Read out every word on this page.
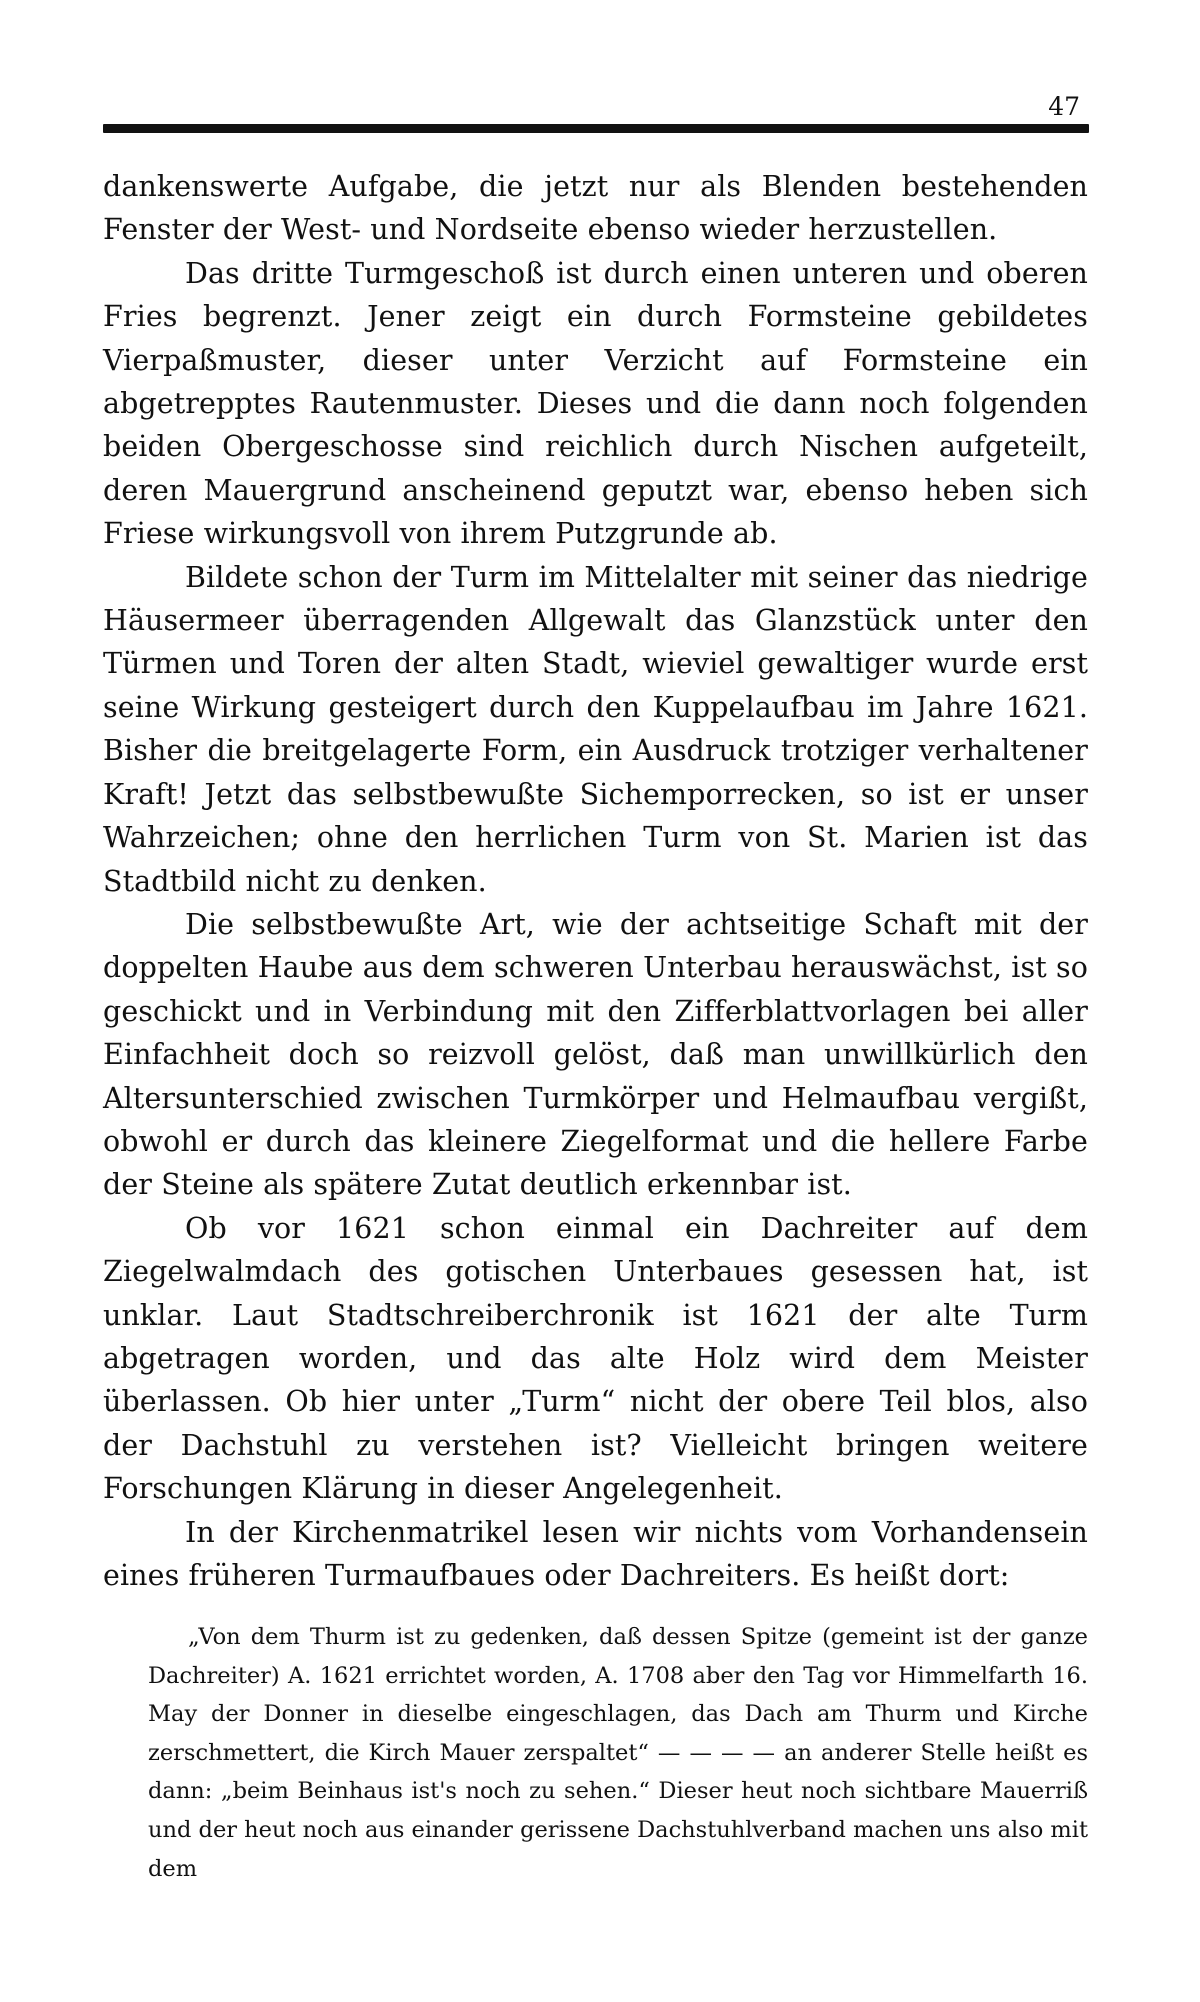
47

dankenswerte Aufgabe, die jetzt nur als Blenden bestehenden Fenster der West- und Nordseite ebenso wieder herzustellen.

Das dritte Turmgeschoß ist durch einen unteren und oberen Fries begrenzt. Jener zeigt ein durch Formsteine gebildetes Vierpaßmuster, dieser unter Verzicht auf Formsteine ein abgetrepptes Rautenmuster. Dieses und die dann noch folgenden beiden Obergeschosse sind reichlich durch Nischen aufgeteilt, deren Mauergrund anscheinend geputzt war, ebenso heben sich Friese wirkungsvoll von ihrem Putzgrunde ab.

Bildete schon der Turm im Mittelalter mit seiner das niedrige Häusermeer überragenden Allgewalt das Glanzstück unter den Türmen und Toren der alten Stadt, wieviel gewaltiger wurde erst seine Wirkung gesteigert durch den Kuppelaufbau im Jahre 1621. Bisher die breitgelagerte Form, ein Ausdruck trotziger verhaltener Kraft! Jetzt das selbstbewußte Sichemporrecken, so ist er unser Wahrzeichen; ohne den herrlichen Turm von St. Marien ist das Stadtbild nicht zu denken.

Die selbstbewußte Art, wie der achtseitige Schaft mit der doppelten Haube aus dem schweren Unterbau herauswächst, ist so geschickt und in Verbindung mit den Zifferblattvorlagen bei aller Einfachheit doch so reizvoll gelöst, daß man unwillkürlich den Altersunterschied zwischen Turmkörper und Helmaufbau vergißt, obwohl er durch das kleinere Ziegelformat und die hellere Farbe der Steine als spätere Zutat deutlich erkennbar ist.

Ob vor 1621 schon einmal ein Dachreiter auf dem Ziegelwalmdach des gotischen Unterbaues gesessen hat, ist unklar. Laut Stadtschreiberchronik ist 1621 der alte Turm abgetragen worden, und das alte Holz wird dem Meister überlassen. Ob hier unter „Turm“ nicht der obere Teil blos, also der Dachstuhl zu verstehen ist? Vielleicht bringen weitere Forschungen Klärung in dieser Angelegenheit.

In der Kirchenmatrikel lesen wir nichts vom Vorhandensein eines früheren Turmaufbaues oder Dachreiters. Es heißt dort:

„Von dem Thurm ist zu gedenken, daß dessen Spitze (gemeint ist der ganze Dachreiter) A. 1621 errichtet worden, A. 1708 aber den Tag vor Himmelfarth 16. May der Donner in dieselbe eingeschlagen, das Dach am Thurm und Kirche zerschmettert, die Kirch Mauer zerspaltet“ — — — — an anderer Stelle heißt es dann: „beim Beinhaus ist's noch zu sehen.“ Dieser heut noch sichtbare Mauerriß und der heut noch aus einander gerissene Dachstuhlverband machen uns also mit dem
